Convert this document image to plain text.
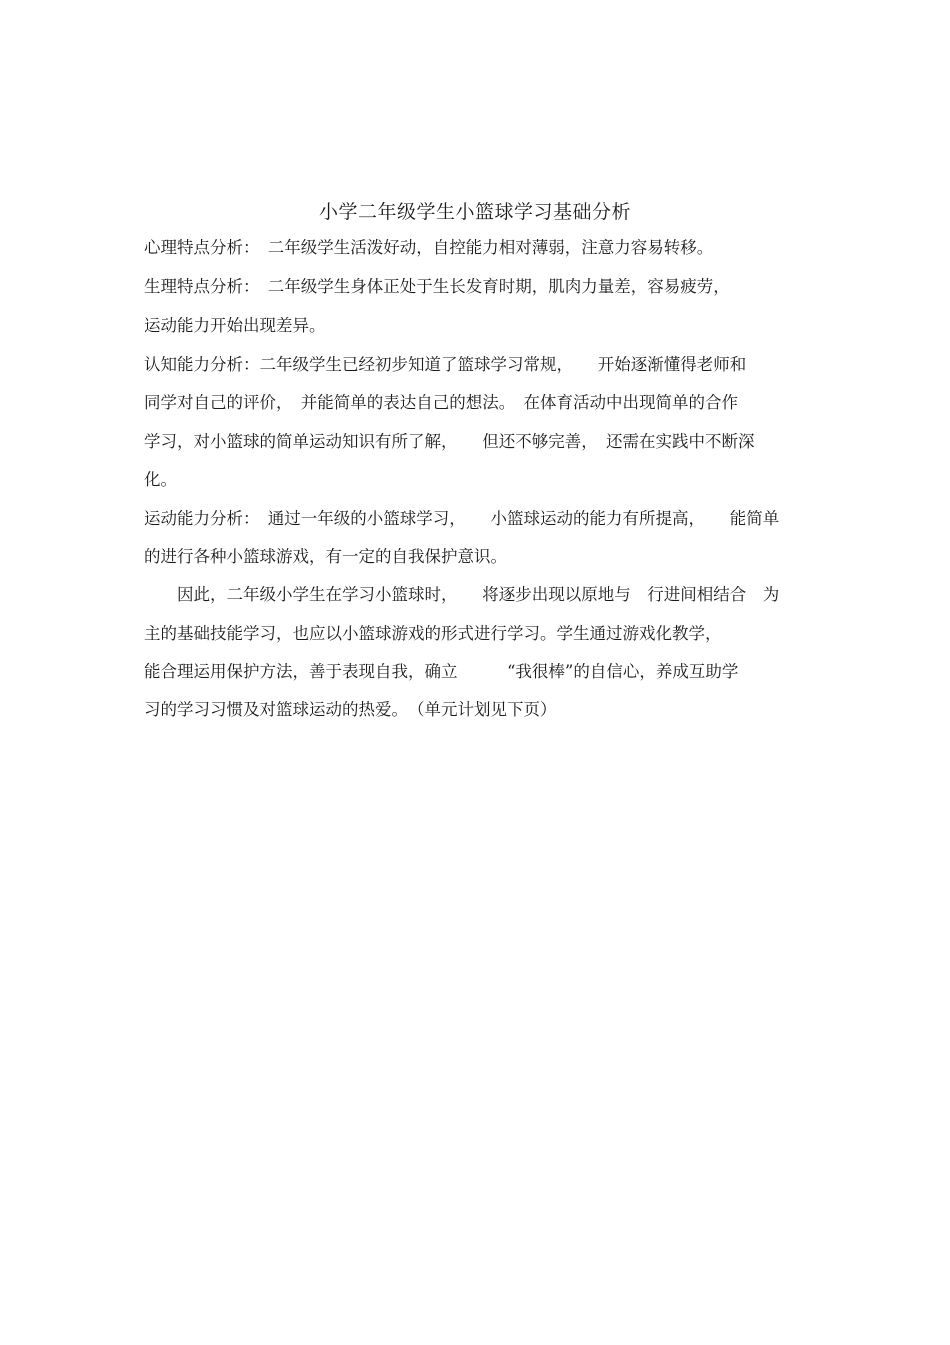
小学二年级学生小篮球学习基础分析
心理特点分析：　二年级学生活泼好动，自控能力相对薄弱，注意力容易转移。
生理特点分析：　二年级学生身体正处于生长发育时期，肌肉力量差，容易疲劳，
运动能力开始出现差异。
认知能力分析：二年级学生已经初步知道了篮球学习常规，　　开始逐渐懂得老师和
同学对自己的评价，　并能简单的表达自己的想法。　在体育活动中出现简单的合作
学习，对小篮球的简单运动知识有所了解，　　但还不够完善，　还需在实践中不断深
化。
运动能力分析：　通过一年级的小篮球学习，　　小篮球运动的能力有所提高，　　能简单
的进行各种小篮球游戏，有一定的自我保护意识。
　　因此，二年级小学生在学习小篮球时，　　将逐步出现以原地与　行进间相结合　为
主的基础技能学习，也应以小篮球游戏的形式进行学习。学生通过游戏化教学，
能合理运用保护方法，善于表现自我，确立　　　“我很棒”的自信心，养成互助学
习的学习习惯及对篮球运动的热爱。　（单元计划见下页）
